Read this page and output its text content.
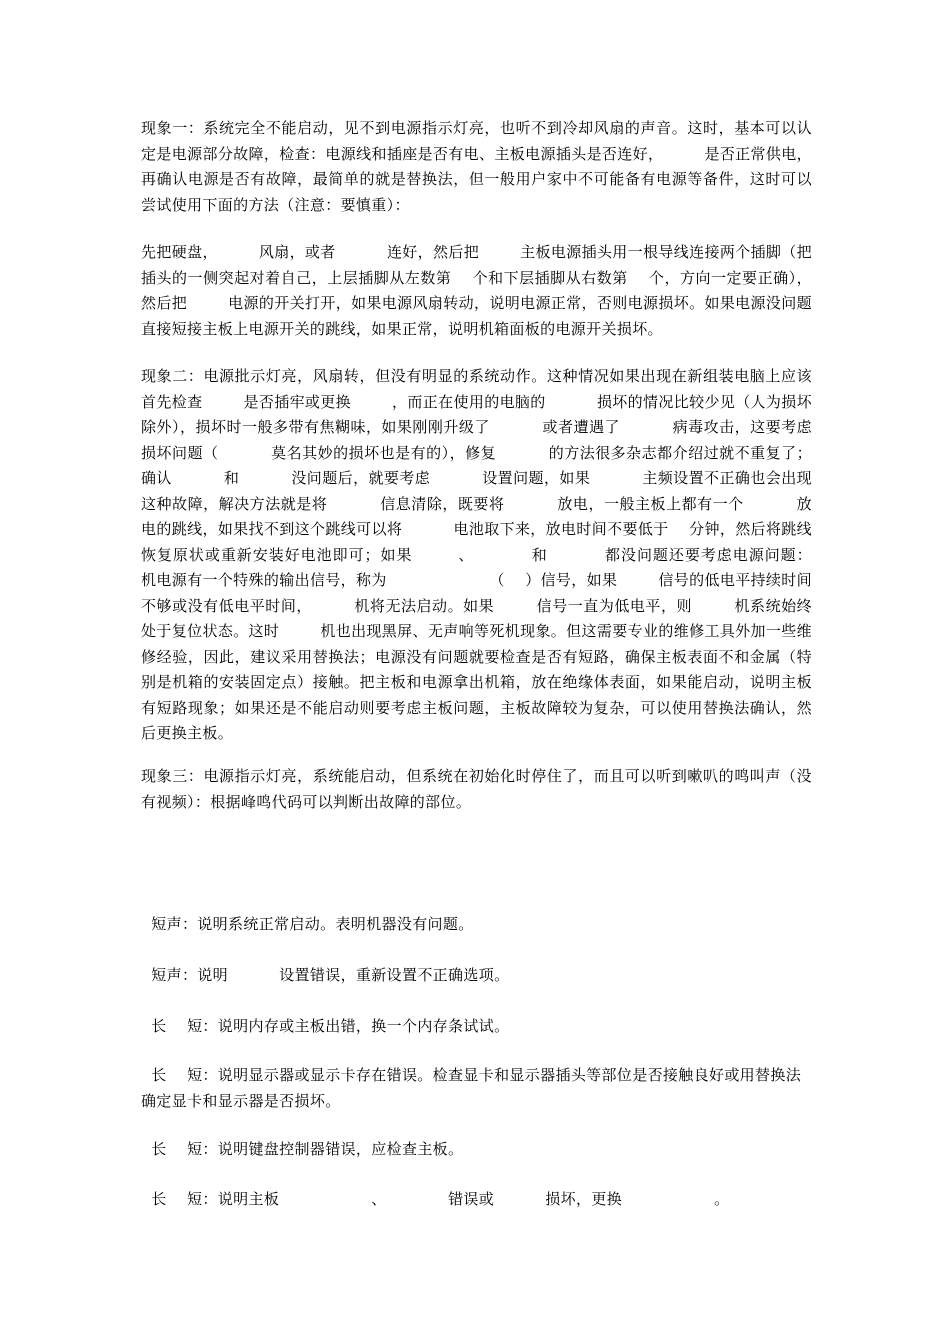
现象一：系统完全不能启动，见不到电源指示灯亮，也听不到冷却风扇的声音。这时，基本可以认定是电源部分故障，检查：电源线和插座是否有电、主板电源插头是否连好，        是否正常供电，再确认电源是否有故障，最简单的就是替换法，但一般用户家中不可能备有电源等备件，这时可以尝试使用下面的方法（注意：要慎重）：

先把硬盘，        风扇，或者          连好，然后把        主板电源插头用一根导线连接两个插脚（把插头的一侧突起对着自己，上层插脚从左数第    个和下层插脚从右数第    个，方向一定要正确），然后把        电源的开关打开，如果电源风扇转动，说明电源正常，否则电源损坏。如果电源没问题直接短接主板上电源开关的跳线，如果正常，说明机箱面板的电源开关损坏。

现象二：电源批示灯亮，风扇转，但没有明显的系统动作。这种情况如果出现在新组装电脑上应该首先检查        是否插牢或更换        ，而正在使用的电脑的          损坏的情况比较少见（人为损坏除外），损坏时一般多带有焦糊味，如果刚刚升级了          或者遭遇了          病毒攻击，这要考虑          损坏问题（          莫名其妙的损坏也是有的），修复          的方法很多杂志都介绍过就不重复了；确认          和          没问题后，就要考虑          设置问题，如果          主频设置不正确也会出现这种故障，解决方法就是将          信息清除，既要将          放电，一般主板上都有一个          放电的跳线，如果找不到这个跳线可以将          电池取下来，放电时间不要低于    分钟，然后将跳线恢复原状或重新安装好电池即可；如果        、          和          都没问题还要考虑电源问题：      机电源有一个特殊的输出信号，称为                    （    ）信号，如果        信号的低电平持续时间不够或没有低电平时间，        机将无法启动。如果        信号一直为低电平，则        机系统始终处于复位状态。这时        机也出现黑屏、无声响等死机现象。但这需要专业的维修工具外加一些维修经验，因此，建议采用替换法；电源没有问题就要检查是否有短路，确保主板表面不和金属（特别是机箱的安装固定点）接触。把主板和电源拿出机箱，放在绝缘体表面，如果能启动，说明主板有短路现象；如果还是不能启动则要考虑主板问题，主板故障较为复杂，可以使用替换法确认，然后更换主板。

现象三：电源指示灯亮，系统能启动，但系统在初始化时停住了，而且可以听到嗽叭的鸣叫声（没有视频）：根据峰鸣代码可以判断出故障的部位。

短声：说明系统正常启动。表明机器没有问题。

短声：说明          设置错误，重新设置不正确选项。

长    短：说明内存或主板出错，换一个内存条试试。

长    短：说明显示器或显示卡存在错误。检查显卡和显示器插头等部位是否接触良好或用替换法确定显卡和显示器是否损坏。

长    短：说明键盘控制器错误，应检查主板。

长    短：说明主板                  、            错误或          损坏，更换                  。
